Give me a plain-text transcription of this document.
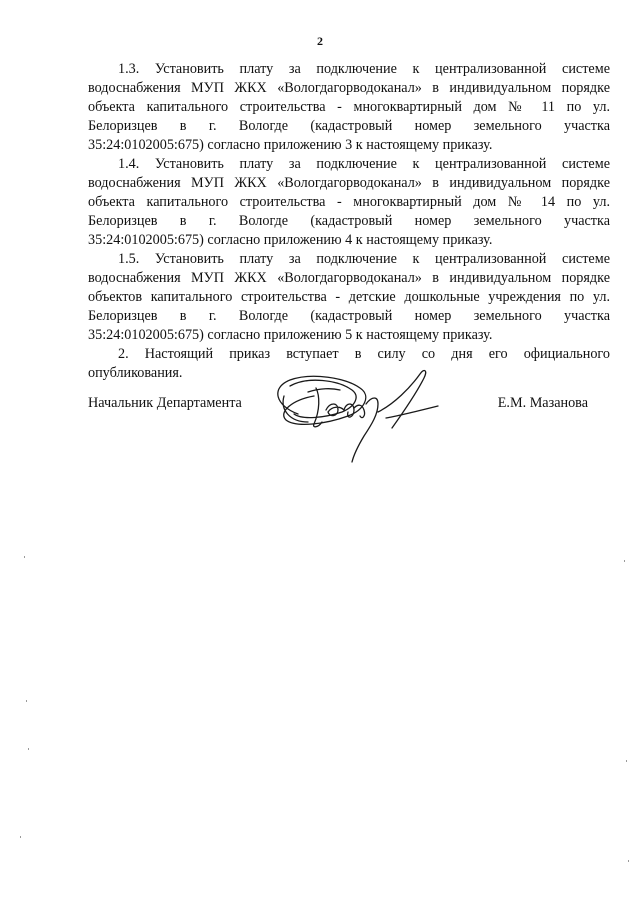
2

1.3. Установить плату за подключение к централизованной системе
водоснабжения МУП ЖКХ «Вологдагорводоканал» в индивидуальном порядке
объекта капитального строительства - многоквартирный дом № 11 по ул.
Белоризцев в г. Вологде (кадастровый номер земельного участка
35:24:0102005:675) согласно приложению 3 к настоящему приказу.

1.4. Установить плату за подключение к централизованной системе
водоснабжения МУП ЖКХ «Вологдагорводоканал» в индивидуальном порядке
объекта капитального строительства - многоквартирный дом № 14 по ул.
Белоризцев в г. Вологде (кадастровый номер земельного участка
35:24:0102005:675) согласно приложению 4 к настоящему приказу.

1.5. Установить плату за подключение к централизованной системе
водоснабжения МУП ЖКХ «Вологдагорводоканал» в индивидуальном порядке
объектов капитального строительства - детские дошкольные учреждения по ул.
Белоризцев в г. Вологде (кадастровый номер земельного участка
35:24:0102005:675) согласно приложению 5 к настоящему приказу.

2. Настоящий приказ вступает в силу со дня его официального
опубликования.

Начальник Департамента	Е.М. Мазанова
